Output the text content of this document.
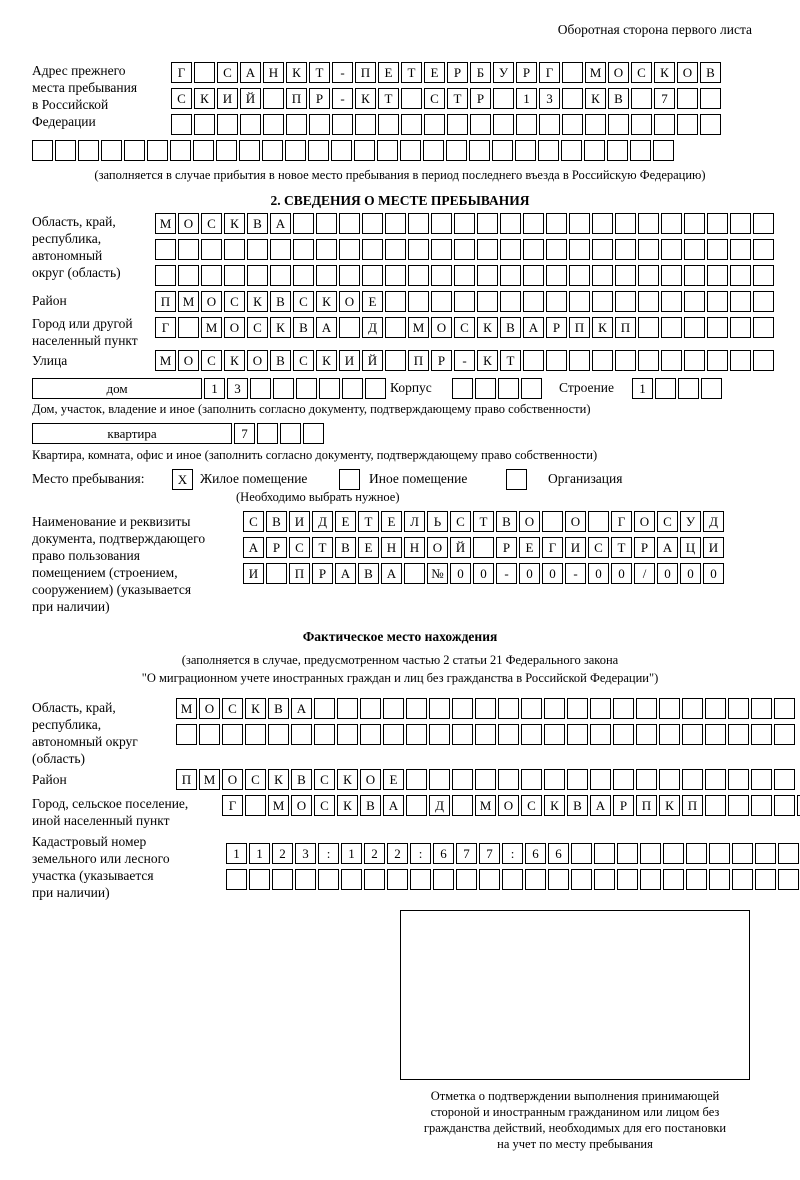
Оборотная сторона первого листа
Адрес прежнего
места пребывания
в Российской
Федерации
Г	С	А	Н	К	Т	-	П	Е	Т	Е	Р	Б	У	Р	Г	М О	С	К	О	В
С	К	И	Й	П	Р	-	К	Т	С	Т	Р	1	3	К	В	7
(заполняется в случае прибытия в новое место пребывания в период последнего въезда в Российскую Федерацию)
2. СВЕДЕНИЯ О МЕСТЕ ПРЕБЫВАНИЯ
Область, край,
республика,
автономный
округ (область)
М О	С	К	В	А
Район	П М О	С	К	В	С	К	О	Е
Город или другой
населенный пункт
Г	М О	С	К	В	А	Д	М О	С	К	В	А	Р	П	К	П
Улица	М О	С	К	О	В	С	К	И	Й	П	Р	-	К	Т
дом	1	3	Корпус	Строение	1
Дом, участок, владение и иное (заполнить согласно документу, подтверждающему право собственности)
квартира	7
Квартира, комната, офис и иное (заполнить согласно документу, подтверждающему право собственности)
Место пребывания:	X Жилое помещение	Иное помещение	Организация
(Необходимо выбрать нужное)
Наименование и реквизиты
документа, подтверждающего
право пользования
помещением (строением,
сооружением) (указывается
при наличии)
С	В	И	Д	Е	Т	Е	Л	Ь	С	Т	В	О	О	Г	О	С	У	Д
А	Р	С	Т	В	Е	Н	Н	О	Й	Р	Е	Г	И	С	Т	Р	А	Ц	И
И	П	Р	А	В	А	№	0	0	-	0	0	-	0	0	/	0	0	0
Фактическое место нахождения
(заполняется в случае, предусмотренном частью 2 статьи 21 Федерального закона
"О миграционном учете иностранных граждан и лиц без гражданства в Российской Федерации")
Область, край,
республика,
автономный округ
(область)
М О	С	К	В	А
Район	П М О	С	К	В	С	К	О	Е
Город, сельское поселение,
иной населенный пункт
Г	М О	С	К	В	А	Д	М О	С	К	В	А	Р	П	К	П
Кадастровый номер
земельного или лесного
участка (указывается
при наличии)
1	1	2	3	:	1	2	2	:	6	7	7	:	6	6
Отметка о подтверждении выполнения принимающей
стороной и иностранным гражданином или лицом без
гражданства действий, необходимых для его постановки
на учет по месту пребывания
